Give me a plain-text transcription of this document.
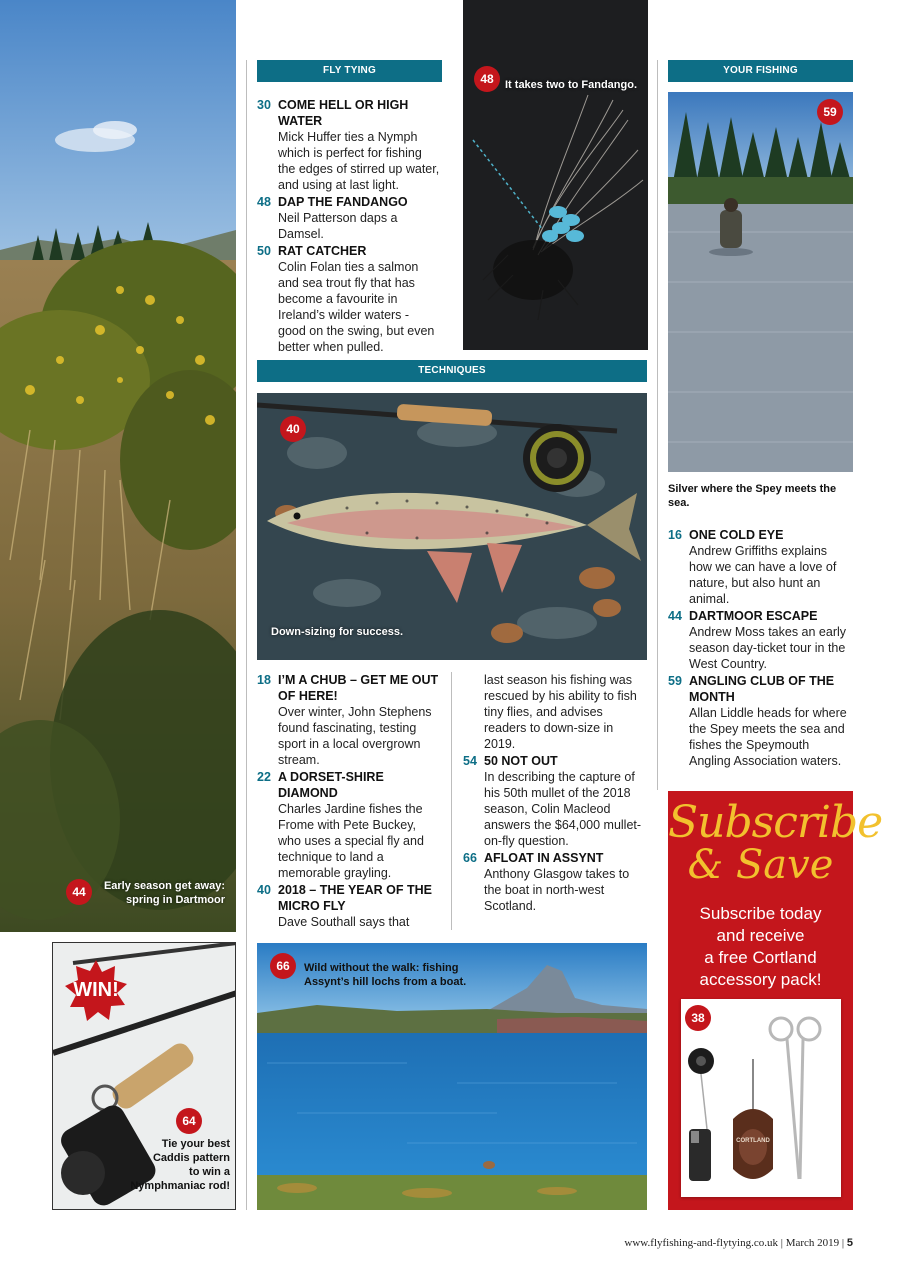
44	Early season get away:
spring in Dartmoor
WIN!
64
Tie your best
Caddis pattern
to win a
Nymphmaniac rod!
FLY TYING
30 COME HELL OR HIGH WATER
Mick Huffer ties a Nymph which is perfect for fishing the edges of stirred up water, and using at last light.
48 DAP THE FANDANGO
Neil Patterson daps a Damsel.
50 RAT CATCHER
Colin Folan ties a salmon and sea trout fly that has become a favourite in Ireland’s wilder waters - good on the swing, but even better when pulled.
48	It takes two to Fandango.
TECHNIQUES
40
Down-sizing for success.
18 I’M A CHUB – GET ME OUT OF HERE!
Over winter, John Stephens found fascinating, testing sport in a local overgrown stream.
22 A DORSET-SHIRE DIAMOND
Charles Jardine fishes the Frome with Pete Buckey, who uses a special fly and technique to land a memorable grayling.
40 2018 – THE YEAR OF THE MICRO FLY
Dave Southall says that
last season his fishing was rescued by his ability to fish tiny flies, and advises readers to down-size in 2019.
54 50 NOT OUT
In describing the capture of his 50th mullet of the 2018 season, Colin Macleod answers the $64,000 mullet-on-fly question.
66 AFLOAT IN ASSYNT
Anthony Glasgow takes to the boat in north-west Scotland.
66	Wild without the walk: fishing
Assynt’s hill lochs from a boat.
YOUR FISHING
59
Silver where the Spey meets the sea.
16 ONE COLD EYE
Andrew Griffiths explains how we can have a love of nature, but also hunt an animal.
44 DARTMOOR ESCAPE
Andrew Moss takes an early season day-ticket tour in the West Country.
59 ANGLING CLUB OF THE MONTH
Allan Liddle heads for where the Spey meets the sea and fishes the Speymouth Angling Association waters.
Subscribe
& Save
Subscribe today
and receive
a free Cortland
accessory pack!
CORTLAND
38
www.flyfishing-and-flytying.co.uk | March 2019 | 5
